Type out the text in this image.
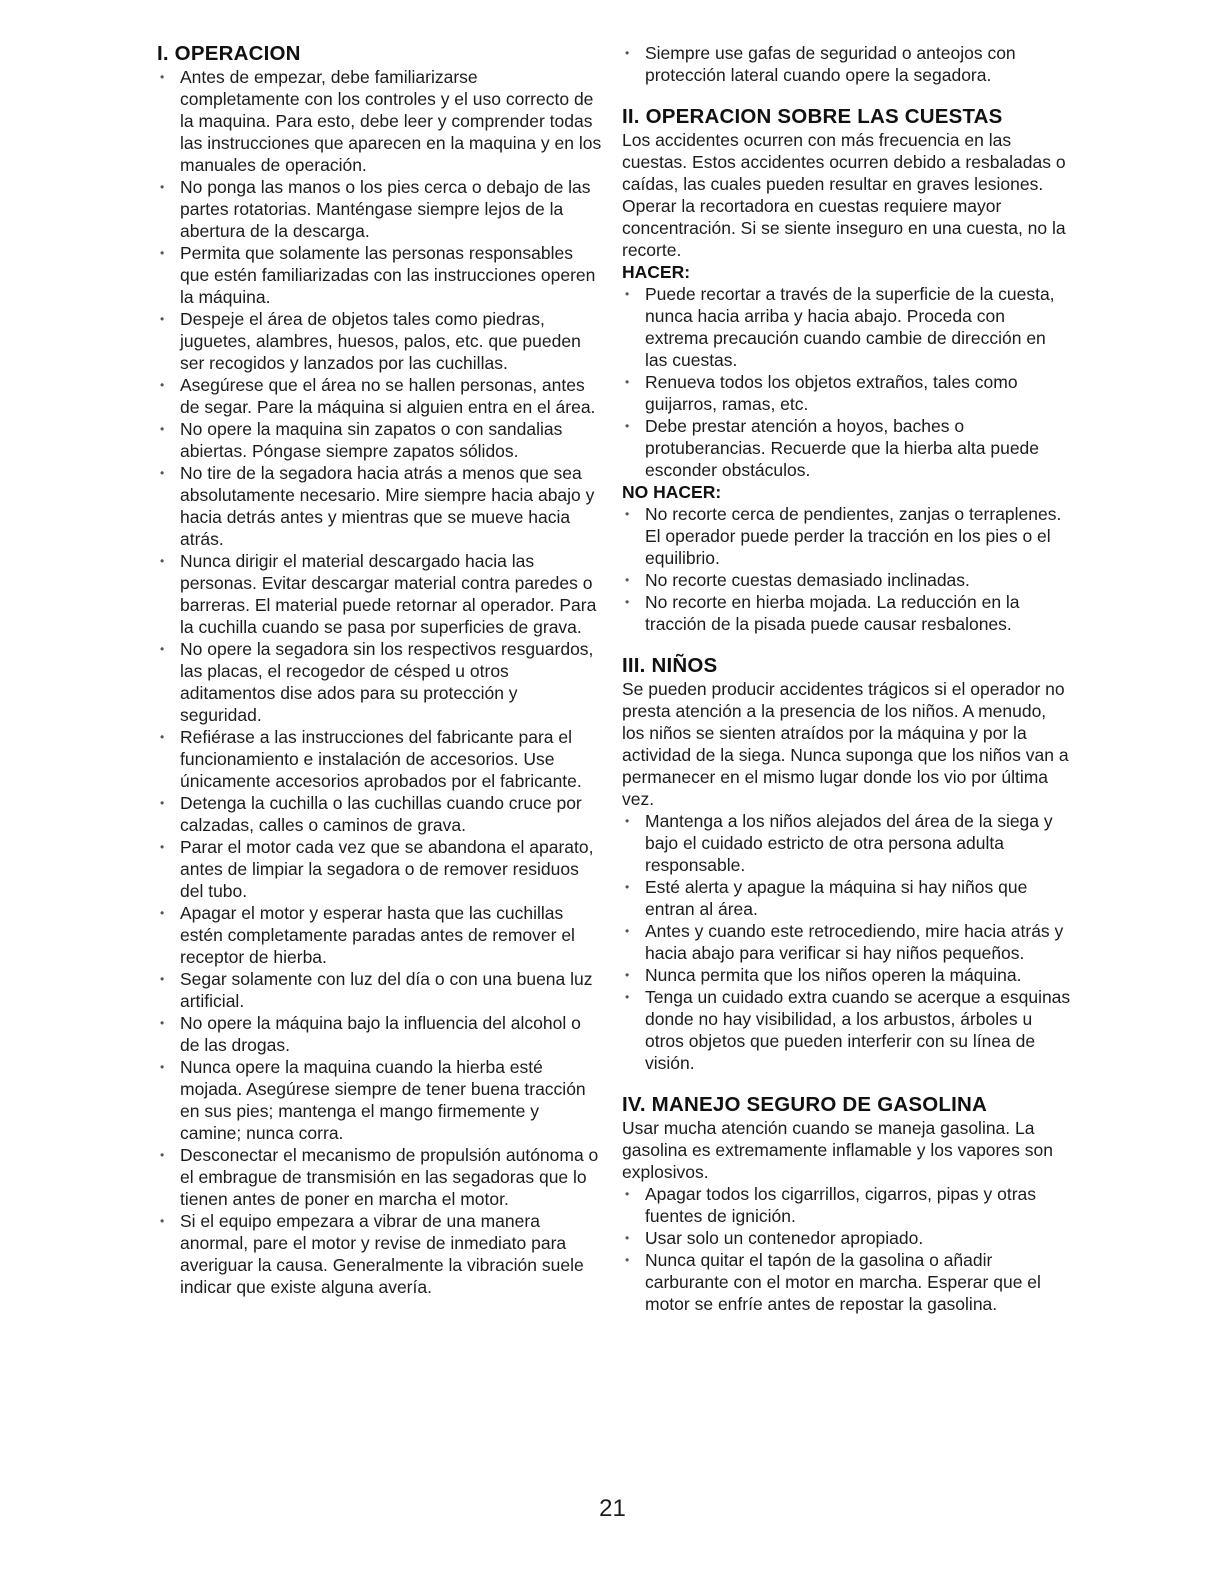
I. OPERACION
• Antes de empezar, debe familiarizarse completamente con los controles y el uso correcto de la maquina. Para esto, debe leer y comprender todas las instrucciones que aparecen en la maquina y en los manuales de operación.
• No ponga las manos o los pies cerca o debajo de las partes rotatorias. Manténgase siempre lejos de la abertura de la descarga.
• Permita que solamente las personas responsables que estén familiarizadas con las instrucciones operen la máquina.
• Despeje el área de objetos tales como piedras, juguetes, alambres, huesos, palos, etc. que pueden ser recogidos y lanzados por las cuchillas.
• Asegúrese que el área no se hallen personas, antes de segar. Pare la máquina si alguien entra en el área.
• No opere la maquina sin zapatos o con sandalias abiertas. Póngase siempre zapatos sólidos.
• No tire de la segadora hacia atrás a menos que sea absolutamente necesario. Mire siempre hacia abajo y hacia detrás antes y mientras que se mueve hacia atrás.
• Nunca dirigir el material descargado hacia las personas. Evitar descargar material contra paredes o barreras. El material puede retornar al operador. Para la cuchilla cuando se pasa por superficies de grava.
• No opere la segadora sin los respectivos resguardos, las placas, el recogedor de césped u otros aditamentos dise ados para su protección y seguridad.
• Refiérase a las instrucciones del fabricante para el funcionamiento e instalación de accesorios. Use únicamente accesorios aprobados por el fabricante.
• Detenga la cuchilla o las cuchillas cuando cruce por calzadas, calles o caminos de grava.
• Parar el motor cada vez que se abandona el aparato, antes de limpiar la segadora o de remover residuos del tubo.
• Apagar el motor y esperar hasta que las cuchillas estén completamente paradas antes de remover el receptor de hierba.
• Segar solamente con luz del día o con una buena luz artificial.
• No opere la máquina bajo la influencia del alcohol o de las drogas.
• Nunca opere la maquina cuando la hierba esté mojada. Asegúrese siempre de tener buena tracción en sus pies; mantenga el mango firmemente y camine; nunca corra.
• Desconectar el mecanismo de propulsión autónoma o el embrague de transmisión en las segadoras que lo tienen antes de poner en marcha el motor.
• Si el equipo empezara a vibrar de una manera anormal, pare el motor y revise de inmediato para averiguar la causa. Generalmente la vibración suele indicar que existe alguna avería.
• Siempre use gafas de seguridad o anteojos con protección lateral cuando opere la segadora.
II. OPERACION SOBRE LAS CUESTAS

Los accidentes ocurren con más frecuencia en las cuestas. Estos accidentes ocurren debido a resbaladas o caídas, las cuales pueden resultar en graves lesiones. Operar la recortadora en cuestas requiere mayor concentración. Si se siente inseguro en una cuesta, no la recorte.

HACER:
• Puede recortar a través de la superficie de la cuesta, nunca hacia arriba y hacia abajo. Proceda con extrema precaución cuando cambie de dirección en las cuestas.
• Renueva todos los objetos extraños, tales como guijarros, ramas, etc.
• Debe prestar atención a hoyos, baches o protuberancias. Recuerde que la hierba alta puede esconder obstáculos.
NO HACER:
• No recorte cerca de pendientes, zanjas o terraplenes. El operador puede perder la tracción en los pies o el equilibrio.
• No recorte cuestas demasiado inclinadas.
• No recorte en hierba mojada. La reducción en la tracción de la pisada puede causar resbalones.
III. NIÑOS

Se pueden producir accidentes trágicos si el operador no presta atención a la presencia de los niños. A menudo, los niños se sienten atraídos por la máquina y por la actividad de la siega. Nunca suponga que los niños van a permanecer en el mismo lugar donde los vio por última vez.

• Mantenga a los niños alejados del área de la siega y bajo el cuidado estricto de otra persona adulta responsable.
• Esté alerta y apague la máquina si hay niños que entran al área.
• Antes y cuando este retrocediendo, mire hacia atrás y hacia abajo para verificar si hay niños pequeños.
• Nunca permita que los niños operen la máquina.
• Tenga un cuidado extra cuando se acerque a esquinas donde no hay visibilidad, a los arbustos, árboles u otros objetos que pueden interferir con su línea de visión.
IV. MANEJO SEGURO DE GASOLINA

Usar mucha atención cuando se maneja gasolina. La gasolina es extremamente inflamable y los vapores son explosivos.

• Apagar todos los cigarrillos, cigarros, pipas y otras fuentes de ignición.
• Usar solo un contenedor apropiado.
• Nunca quitar el tapón de la gasolina o añadir carburante con el motor en marcha. Esperar que el motor se enfríe antes de repostar la gasolina.
21
